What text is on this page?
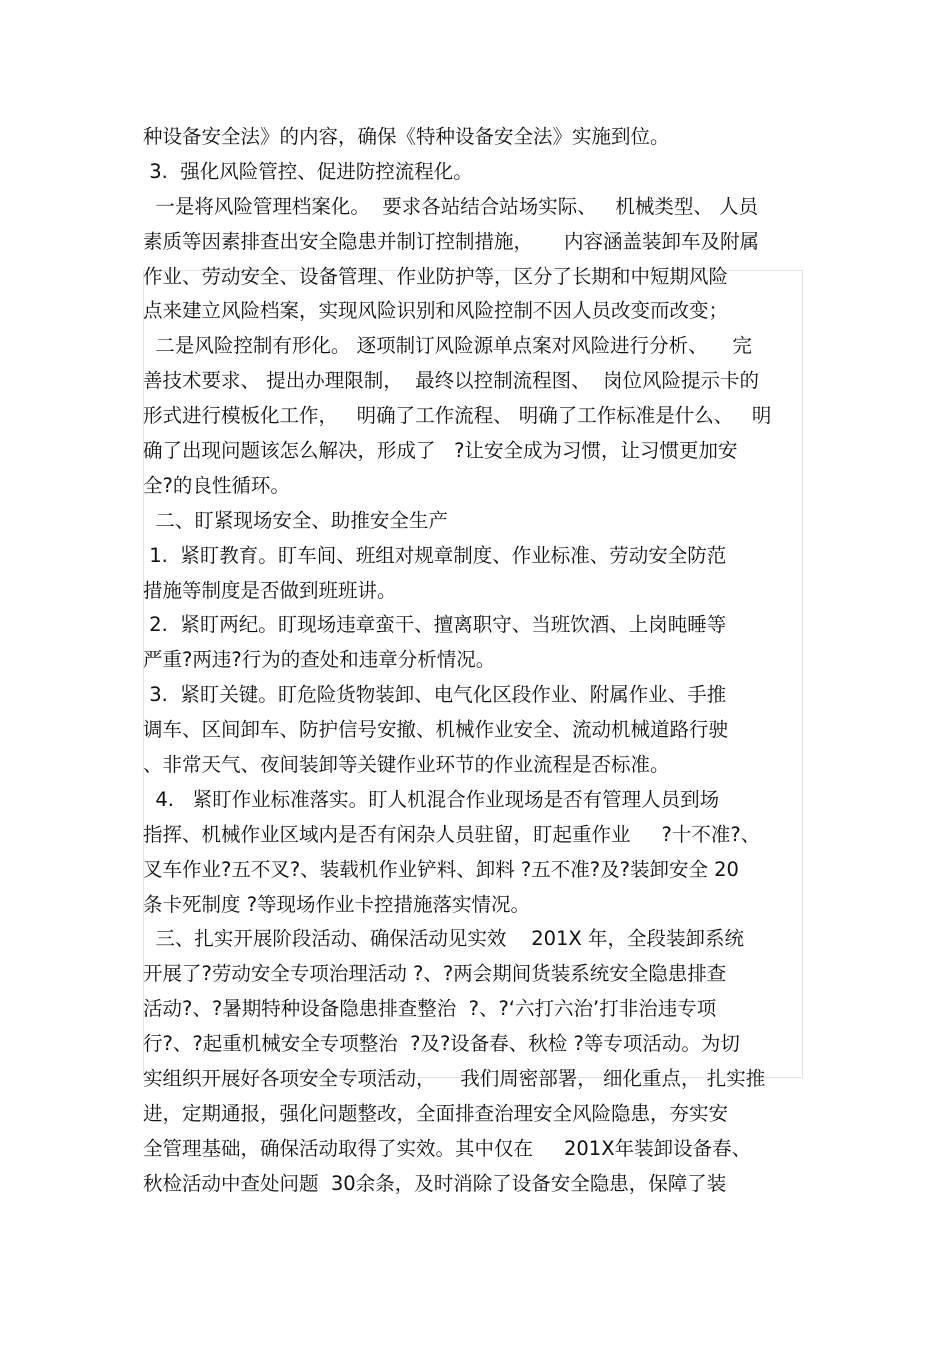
种设备安全法》的内容，确保《特种设备安全法》实施到位。
3.  强化风险管控、促进防控流程化。
一是将风险管理档案化。  要求各站结合站场实际、   机械类型、 人员
素质等因素排查出安全隐患并制订控制措施，     内容涵盖装卸车及附属
作业、劳动安全、设备管理、作业防护等，区分了长期和中短期风险
点来建立风险档案，实现风险识别和风险控制不因人员改变而改变；
二是风险控制有形化。 逐项制订风险源单点案对风险进行分析、    完
善技术要求、 提出办理限制，  最终以控制流程图、  岗位风险提示卡的
形式进行模板化工作，   明确了工作流程、 明确了工作标准是什么、   明
确了出现问题该怎么解决，形成了   ?让安全成为习惯，让习惯更加安
全?的良性循环。
二、盯紧现场安全、助推安全生产
1.  紧盯教育。盯车间、班组对规章制度、作业标准、劳动安全防范
措施等制度是否做到班班讲。
2.  紧盯两纪。盯现场违章蛮干、擅离职守、当班饮酒、上岗盹睡等
严重?两违?行为的查处和违章分析情况。
3.  紧盯关键。盯危险货物装卸、电气化区段作业、附属作业、手推
调车、区间卸车、防护信号安撤、机械作业安全、流动机械道路行驶
、非常天气、夜间装卸等关键作业环节的作业流程是否标准。
4.   紧盯作业标准落实。盯人机混合作业现场是否有管理人员到场
指挥、机械作业区域内是否有闲杂人员驻留，盯起重作业     ?十不准?、
叉车作业?五不叉?、装载机作业铲料、卸料 ?五不准?及?装卸安全 20
条卡死制度 ?等现场作业卡控措施落实情况。
三、扎实开展阶段活动、确保活动见实效    201X 年，全段装卸系统
开展了?劳动安全专项治理活动 ?、?两会期间货装系统安全隐患排查
活动?、?暑期特种设备隐患排查整治  ?、?‘六打六治’打非治违专项
行?、?起重机械安全专项整治  ?及?设备春、秋检 ?等专项活动。为切
实组织开展好各项安全专项活动，    我们周密部署， 细化重点， 扎实推
进，定期通报，强化问题整改，全面排查治理安全风险隐患，夯实安
全管理基础，确保活动取得了实效。其中仅在     201X年装卸设备春、
秋检活动中查处问题  30余条，及时消除了设备安全隐患，保障了装
